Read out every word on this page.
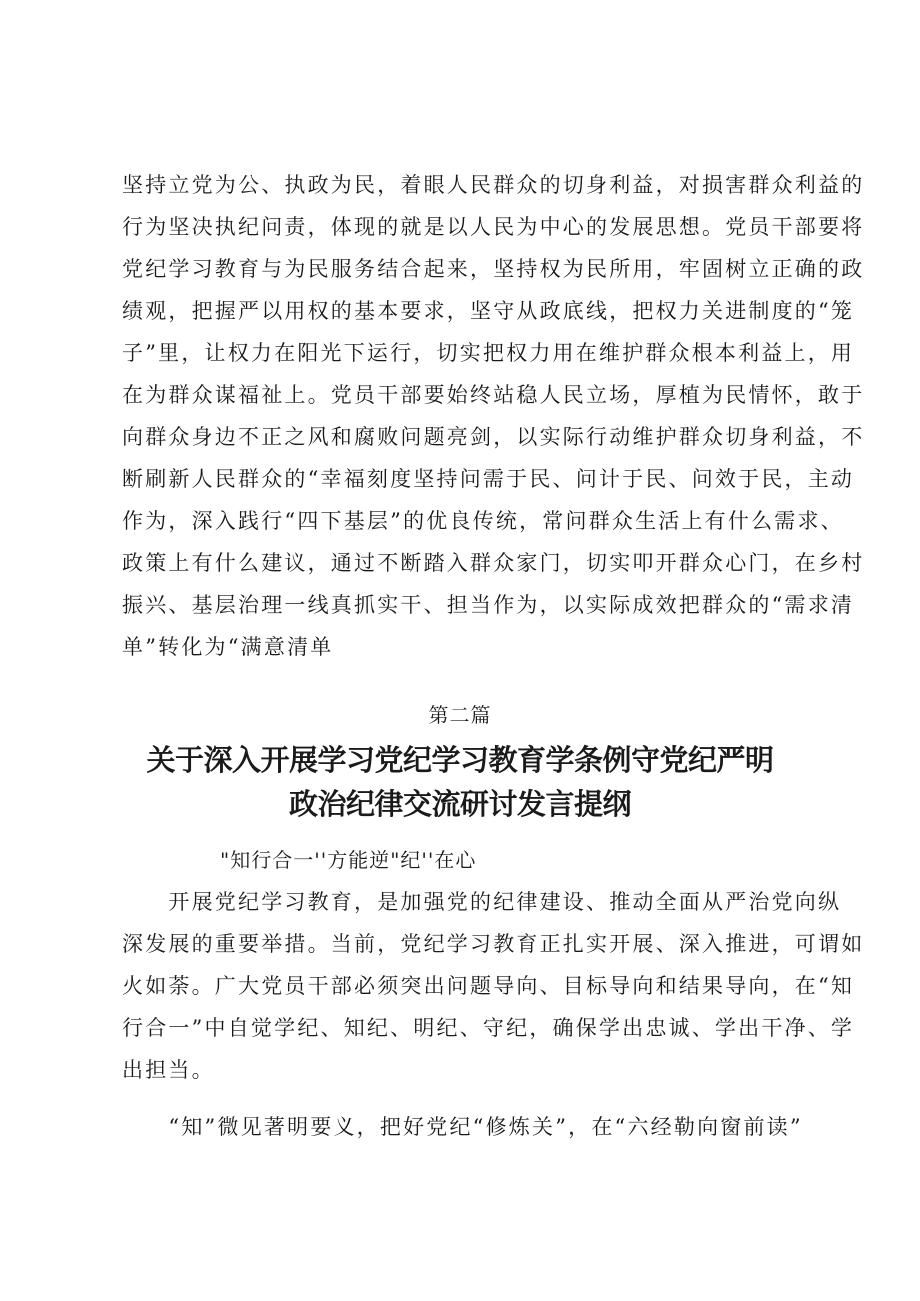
坚持立党为公、执政为民，着眼人民群众的切身利益，对损害群众利益的
行为坚决执纪问责，体现的就是以人民为中心的发展思想。党员干部要将
党纪学习教育与为民服务结合起来，坚持权为民所用，牢固树立正确的政
绩观，把握严以用权的基本要求，坚守从政底线，把权力关进制度的“笼
子”里，让权力在阳光下运行，切实把权力用在维护群众根本利益上，用
在为群众谋福祉上。党员干部要始终站稳人民立场，厚植为民情怀，敢于
向群众身边不正之风和腐败问题亮剑，以实际行动维护群众切身利益，不
断刷新人民群众的“幸福刻度坚持问需于民、问计于民、问效于民，主动
作为，深入践行“四下基层”的优良传统，常问群众生活上有什么需求、
政策上有什么建议，通过不断踏入群众家门，切实叩开群众心门，在乡村
振兴、基层治理一线真抓实干、担当作为，以实际成效把群众的“需求清
单”转化为“满意清单
第二篇
关于深入开展学习党纪学习教育学条例守党纪严明
政治纪律交流研讨发言提纲
"知行合一''方能逆"纪''在心
　　开展党纪学习教育，是加强党的纪律建设、推动全面从严治党向纵
深发展的重要举措。当前，党纪学习教育正扎实开展、深入推进，可谓如
火如荼。广大党员干部必须突出问题导向、目标导向和结果导向，在“知
行合一”中自觉学纪、知纪、明纪、守纪，确保学出忠诚、学出干净、学
出担当。
　　“知”微见著明要义，把好党纪“修炼关”，在“六经勒向窗前读”
